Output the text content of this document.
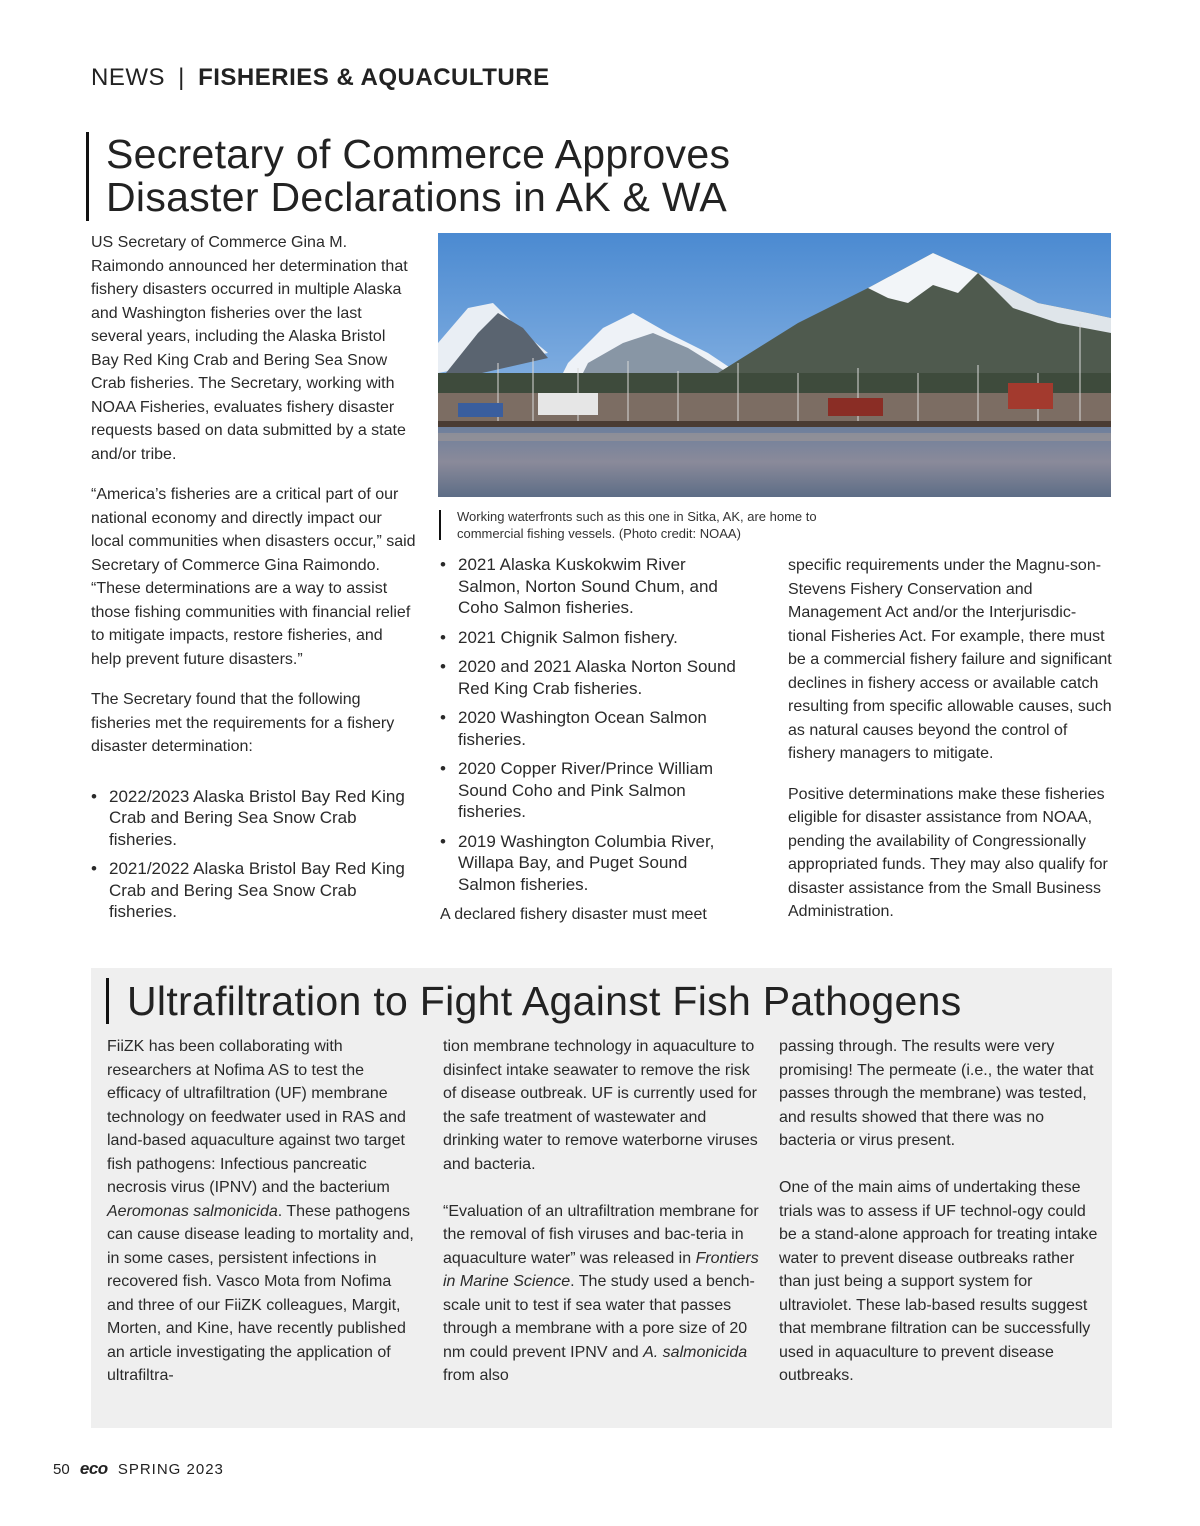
NEWS | FISHERIES & AQUACULTURE
Secretary of Commerce Approves
Disaster Declarations in AK & WA

US Secretary of Commerce Gina M. Raimondo announced her determination that fishery disasters occurred in multiple Alaska and Washington fisheries over the last several years, including the Alaska Bristol Bay Red King Crab and Bering Sea Snow Crab fisheries. The Secretary, working with NOAA Fisheries, evaluates fishery disaster requests based on data submitted by a state and/or tribe.

“America’s fisheries are a critical part of our national economy and directly impact our local communities when disasters occur,” said Secretary of Commerce Gina Raimondo. “These determinations are a way to assist those fishing communities with financial relief to mitigate impacts, restore fisheries, and help prevent future disasters.”

The Secretary found that the following fisheries met the requirements for a fishery disaster determination:

• 2022/2023 Alaska Bristol Bay Red King Crab and Bering Sea Snow Crab fisheries.
• 2021/2022 Alaska Bristol Bay Red King Crab and Bering Sea Snow Crab fisheries.
Working waterfronts such as this one in Sitka, AK, are home to commercial fishing vessels. (Photo credit: NOAA)
• 2021 Alaska Kuskokwim River Salmon, Norton Sound Chum, and Coho Salmon fisheries.
• 2021 Chignik Salmon fishery.
• 2020 and 2021 Alaska Norton Sound Red King Crab fisheries.
• 2020 Washington Ocean Salmon fisheries.
• 2020 Copper River/Prince William Sound Coho and Pink Salmon fisheries.
• 2019 Washington Columbia River, Willapa Bay, and Puget Sound Salmon fisheries.

A declared fishery disaster must meet

specific requirements under the Magnu-son-Stevens Fishery Conservation and Management Act and/or the Interjurisdic-tional Fisheries Act. For example, there must be a commercial fishery failure and significant declines in fishery access or available catch resulting from specific allowable causes, such as natural causes beyond the control of fishery managers to mitigate.

Positive determinations make these fisheries eligible for disaster assistance from NOAA, pending the availability of Congressionally appropriated funds. They may also qualify for disaster assistance from the Small Business Administration.

Ultrafiltration to Fight Against Fish Pathogens

FiiZK has been collaborating with researchers at Nofima AS to test the efficacy of ultrafiltration (UF) membrane technology on feedwater used in RAS and land-based aquaculture against two target fish pathogens: Infectious pancreatic necrosis virus (IPNV) and the bacterium Aeromonas salmonicida. These pathogens can cause disease leading to mortality and, in some cases, persistent infections in recovered fish. Vasco Mota from Nofima and three of our FiiZK colleagues, Margit, Morten, and Kine, have recently published an article investigating the application of ultrafiltra-

tion membrane technology in aquaculture to disinfect intake seawater to remove the risk of disease outbreak. UF is currently used for the safe treatment of wastewater and drinking water to remove waterborne viruses and bacteria.

“Evaluation of an ultrafiltration membrane for the removal of fish viruses and bac-teria in aquaculture water” was released in Frontiers in Marine Science. The study used a bench-scale unit to test if sea water that passes through a membrane with a pore size of 20 nm could prevent IPNV and A. salmonicida from also

passing through. The results were very promising! The permeate (i.e., the water that passes through the membrane) was tested, and results showed that there was no bacteria or virus present.

One of the main aims of undertaking these trials was to assess if UF technol-ogy could be a stand-alone approach for treating intake water to prevent disease outbreaks rather than just being a support system for ultraviolet. These lab-based results suggest that membrane filtration can be successfully used in aquaculture to prevent disease outbreaks.

50 eco SPRING 2023
